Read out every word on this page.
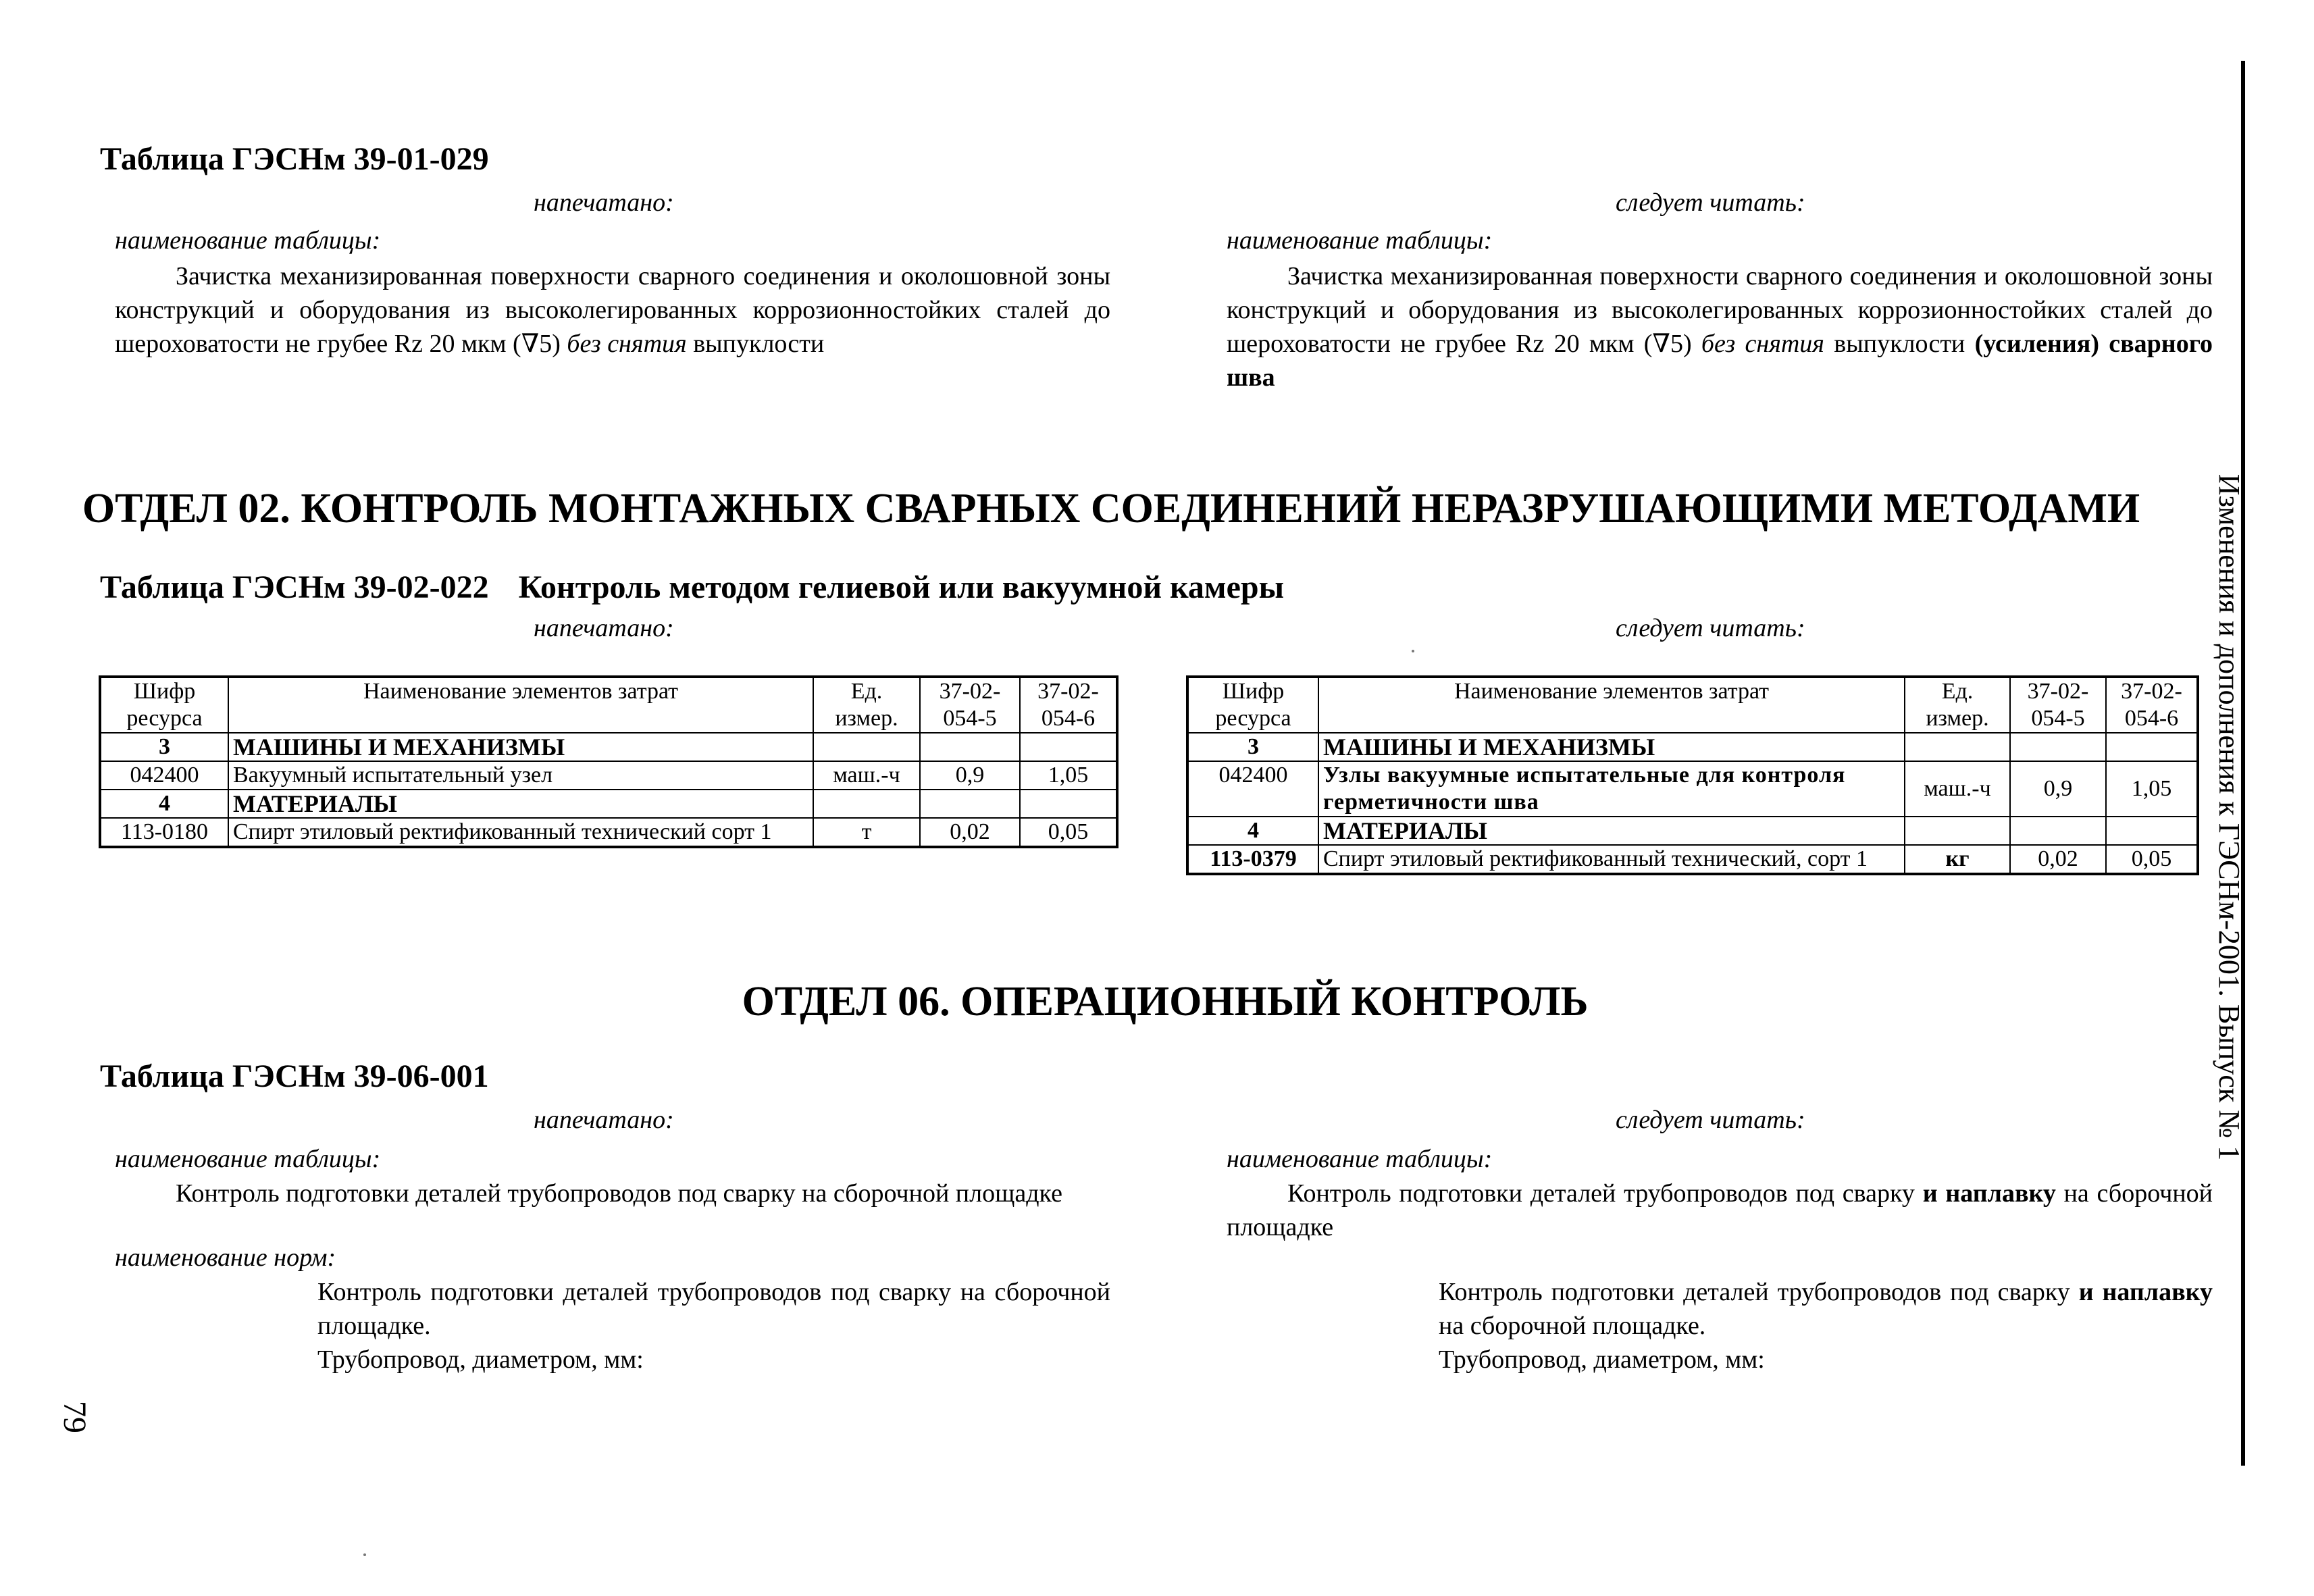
Таблица ГЭСНм 39-01-029
напечатано:	следует читать:
наименование таблицы:	наименование таблицы:
Зачистка механизированная поверхности сварного соединения и околошовной зоны конструкций и оборудования из высоколегированных коррозионностойких сталей до шероховатости не грубее Rz 20 мкм (∇5) без снятия выпуклости
Зачистка механизированная поверхности сварного соединения и околошовной зоны конструкций и оборудования из высоколегированных коррозионностойких сталей до шероховатости не грубее Rz 20 мкм (∇5) без снятия выпуклости (усиления) сварного шва
ОТДЕЛ 02. КОНТРОЛЬ МОНТАЖНЫХ СВАРНЫХ СОЕДИНЕНИЙ НЕРАЗРУШАЮЩИМИ МЕТОДАМИ
Таблица ГЭСНм 39-02-022 Контроль методом гелиевой или вакуумной камеры
напечатано:	следует читать:
Шифр ресурса	Наименование элементов затрат	Ед. измер.	37-02-054-5	37-02-054-6
3	МАШИНЫ И МЕХАНИЗМЫ			
042400	Вакуумный испытательный узел	маш.-ч	0,9	1,05
4	МАТЕРИАЛЫ			
113-0180	Спирт этиловый ректификованный технический сорт 1	т	0,02	0,05
Шифр ресурса	Наименование элементов затрат	Ед. измер.	37-02-054-5	37-02-054-6
3	МАШИНЫ И МЕХАНИЗМЫ			
042400	Узлы вакуумные испытательные для контроля герметичности шва	маш.-ч	0,9	1,05
4	МАТЕРИАЛЫ			
113-0379	Спирт этиловый ректификованный технический, сорт 1	кг	0,02	0,05
ОТДЕЛ 06. ОПЕРАЦИОННЫЙ КОНТРОЛЬ
Таблица ГЭСНм 39-06-001
напечатано:	следует читать:
наименование таблицы:	наименование таблицы:
Контроль подготовки деталей трубопроводов под сварку на сборочной площадке	Контроль подготовки деталей трубопроводов под сварку и наплавку на сборочной площадке
наименование норм:
Контроль подготовки деталей трубопроводов под сварку на сборочной площадке.
Трубопровод, диаметром, мм:
Контроль подготовки деталей трубопроводов под сварку и наплавку на сборочной площадке.
Трубопровод, диаметром, мм:
Изменения и дополнения к ГЭСНм-2001. Выпуск № 1
79
